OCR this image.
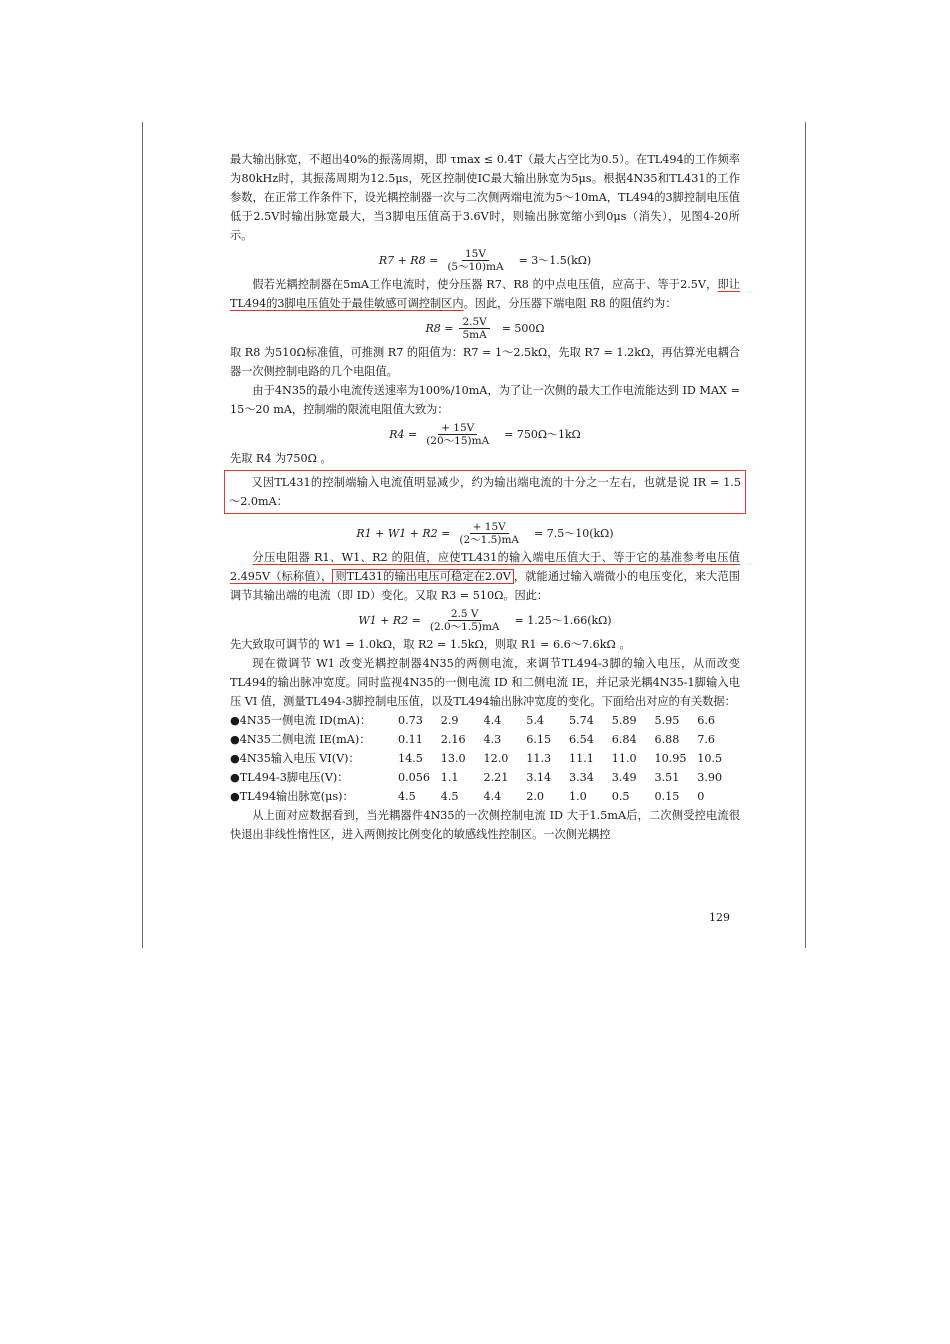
最大输出脉宽，不超出40%的振荡周期，即 τmax ≤ 0.4T（最大占空比为0.5）。在TL494的工作频率为80kHz时，其振荡周期为12.5μs，死区控制使IC最大输出脉宽为5μs。根据4N35和TL431的工作参数，在正常工作条件下，设光耦控制器一次与二次侧两端电流为5～10mA，TL494的3脚控制电压值低于2.5V时输出脉宽最大，当3脚电压值高于3.6V时，则输出脉宽缩小到0μs（消失），见图4-20所示。

$R7 + R8 = \frac{15V}{(5\sim 10)mA}$ = 3～1.5(kΩ)

假若光耦控制器在5mA工作电流时，使分压器 R7、R8 的中点电压值，应高于、等于2.5V，即让TL494的3脚电压值处于最佳敏感可调控制区内。因此，分压器下端电阻 R8 的阻值约为：

$R8 = \frac{2.5V}{5mA} = 500\Omega$

取 R8 为510Ω标准值，可推测 R7 的阻值为：R7 = 1～2.5kΩ，先取 R7 = 1.2kΩ，再估算光电耦合器一次侧控制电路的几个电阻值。

由于4N35的最小电流传送速率为100%/10mA，为了让一次侧的最大工作电流能达到 ID MAX = 15～20 mA，控制端的限流电阻值大致为：

$R4 = \frac{+ 15V}{(20\sim 15)mA}$ = 750Ω～1kΩ

先取 R4 为750Ω 。

又因TL431的控制端输入电流值明显减少，约为输出端电流的十分之一左右，也就是说 IR = 1.5～2.0mA：

$R1 + W1 + R2 = \frac{+ 15V}{(2\sim 1.5)mA}$ = 7.5～10(kΩ)

分压电阻器 R1、W1、R2 的阻值，应使TL431的输入端电压值大于、等于它的基准参考电压值2.495V（标称值）， 则TL431的输出电压可稳定在2.0V ，就能通过输入端微小的电压变化，来大范围调节其输出端的电流（即 ID）变化。又取 R3 = 510Ω。因此：

$W1 + R2 = \frac{2.5 V}{(2.0\sim 1.5)mA}$ = 1.25～1.66(kΩ)

先大致取可调节的 W1 = 1.0kΩ，取 R2 = 1.5kΩ，则取 R1 = 6.6～7.6kΩ 。

现在微调节 W1 改变光耦控制器4N35的两侧电流，来调节TL494-3脚的输入电压，从而改变TL494的输出脉冲宽度。同时监视4N35的一侧电流 ID 和二侧电流 IE，并记录光耦4N35-1脚输入电压 VI 值，测量TL494-3脚控制电压值，以及TL494输出脉冲宽度的变化。下面给出对应的有关数据：

●4N35一侧电流 ID(mA)：	0.73	2.9	4.4	5.4	5.74	5.89	5.95	6.6
●4N35二侧电流 IE(mA)：	0.11	2.16	4.3	6.15	6.54	6.84	6.88	7.6
●4N35输入电压 VI(V)：	14.5	13.0	12.0	11.3	11.1	11.0	10.95 10.5
●TL494-3脚电压(V)：	0.056 1.1	2.21	3.14	3.34	3.49	3.51	3.90
●TL494输出脉宽(μs)：	4.5	4.5	4.4	2.0	1.0	0.5	0.15	0

从上面对应数据看到，当光耦器件4N35的一次侧控制电流 ID 大于1.5mA后，二次侧受控电流很快退出非线性惰性区，进入两侧按比例变化的敏感线性控制区。一次侧光耦控

129
